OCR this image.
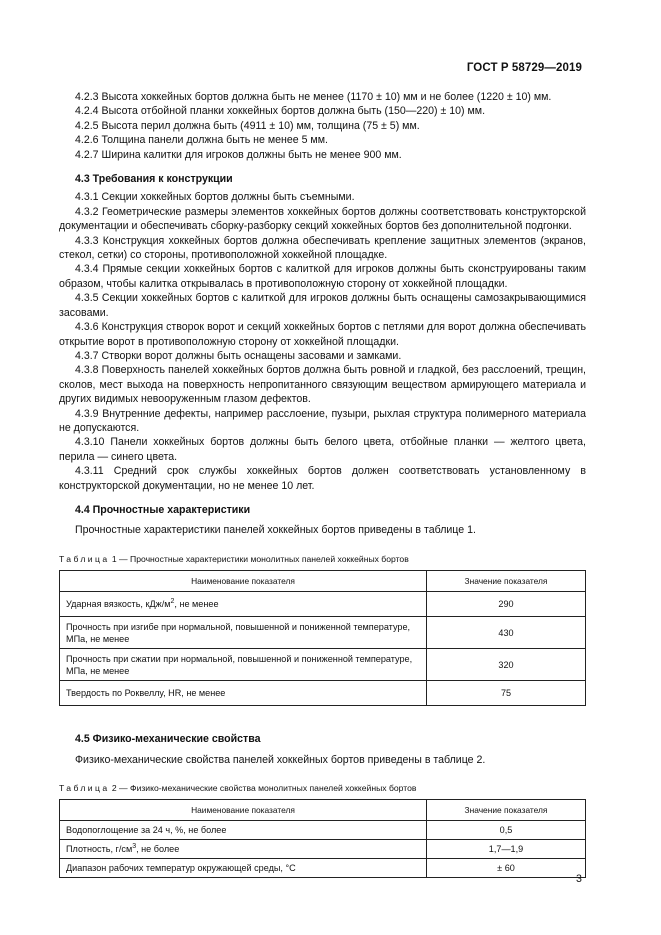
ГОСТ Р 58729—2019

4.2.3 Высота хоккейных бортов должна быть не менее (1170 ± 10) мм и не более (1220 ± 10) мм.

4.2.4 Высота отбойной планки хоккейных бортов должна быть (150—220) ± 10) мм.

4.2.5 Высота перил должна быть (4911 ± 10) мм, толщина (75 ± 5) мм.

4.2.6 Толщина панели должна быть не менее 5 мм.

4.2.7 Ширина калитки для игроков должны быть не менее 900 мм.

4.3 Требования к конструкции

4.3.1 Секции хоккейных бортов должны быть съемными.

4.3.2 Геометрические размеры элементов хоккейных бортов должны соответствовать конструкторской документации и обеспечивать сборку-разборку секций хоккейных бортов без дополнительной подгонки.

4.3.3 Конструкция хоккейных бортов должна обеспечивать крепление защитных элементов (экранов, стекол, сетки) со стороны, противоположной хоккейной площадке.

4.3.4 Прямые секции хоккейных бортов с калиткой для игроков должны быть сконструированы таким образом, чтобы калитка открывалась в противоположную сторону от хоккейной площадки.

4.3.5 Секции хоккейных бортов с калиткой для игроков должны быть оснащены самозакрывающимися засовами.

4.3.6 Конструкция створок ворот и секций хоккейных бортов с петлями для ворот должна обеспечивать открытие ворот в противоположную сторону от хоккейной площадки.

4.3.7 Створки ворот должны быть оснащены засовами и замками.

4.3.8 Поверхность панелей хоккейных бортов должна быть ровной и гладкой, без расслоений, трещин, сколов, мест выхода на поверхность непропитанного связующим веществом армирующего материала и других видимых невооруженным глазом дефектов.

4.3.9 Внутренние дефекты, например расслоение, пузыри, рыхлая структура полимерного материала не допускаются.

4.3.10 Панели хоккейных бортов должны быть белого цвета, отбойные планки — желтого цвета, перила — синего цвета.

4.3.11 Средний срок службы хоккейных бортов должен соответствовать установленному в конструкторской документации, но не менее 10 лет.

4.4 Прочностные характеристики

Прочностные характеристики панелей хоккейных бортов приведены в таблице 1.

Таблица 1 — Прочностные характеристики монолитных панелей хоккейных бортов
Наименование показателя	Значение показателя
Ударная вязкость, кДж/$м^2$, не менее	290
Прочность при изгибе при нормальной, повышенной и пониженной температуре, МПа, не менее	430
Прочность при сжатии при нормальной, повышенной и пониженной температуре, МПа, не менее	320
Твердость по Роквеллу, HR, не менее	75
4.5 Физико-механические свойства

Физико-механические свойства панелей хоккейных бортов приведены в таблице 2.

Таблица 2 — Физико-механические свойства монолитных панелей хоккейных бортов
Наименование показателя	Значение показателя
Водопоглощение за 24 ч, %, не более	0,5
Плотность, $г/см^3$, не более	1,7—1,9
Диапазон рабочих температур окружающей среды, °C	± 60
3
